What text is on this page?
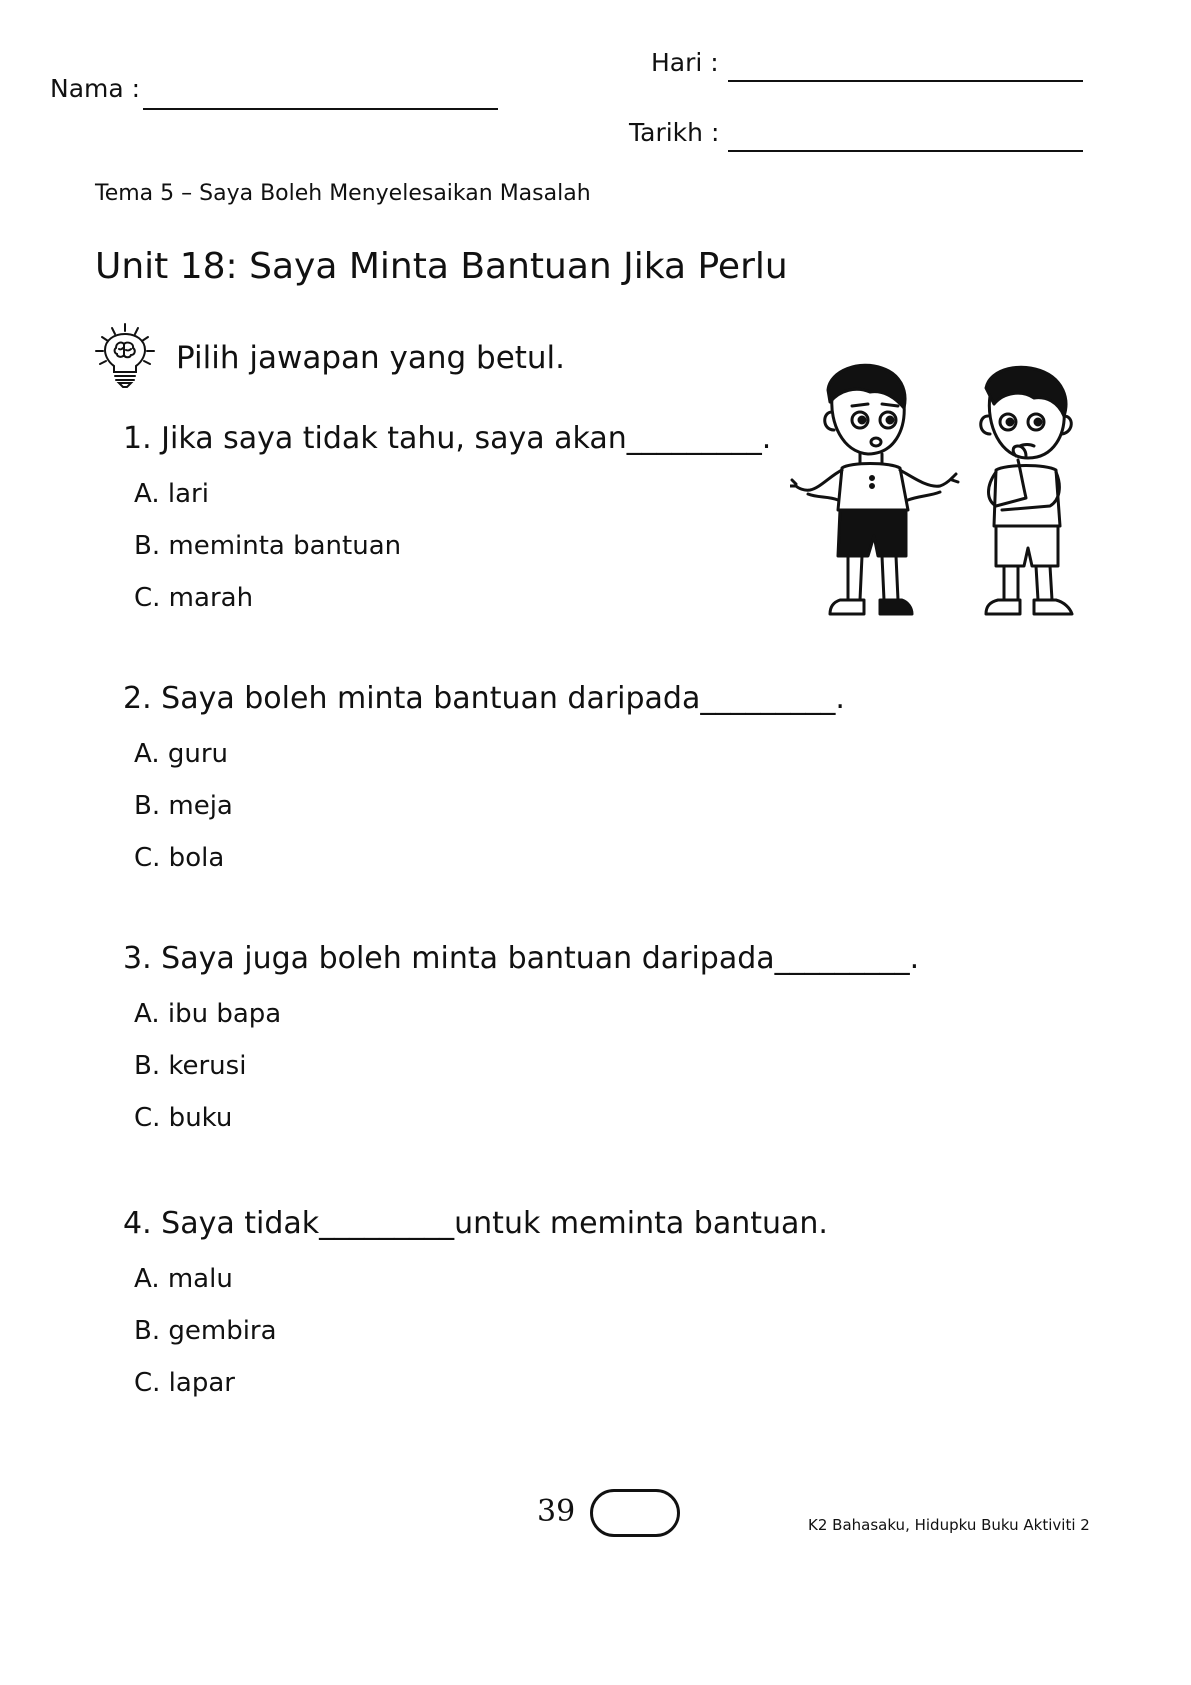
Nama :
Hari :
Tarikh :
Tema 5 – Saya Boleh Menyelesaikan Masalah
Unit 18: Saya Minta Bantuan Jika Perlu
Pilih jawapan yang betul.
1. Jika saya tidak tahu, saya akan_________.
A. lari
B. meminta bantuan
C. marah
2. Saya boleh minta bantuan daripada_________.
A. guru
B. meja
C. bola
3. Saya juga boleh minta bantuan daripada_________.
A. ibu bapa
B. kerusi
C. buku
4. Saya tidak_________untuk meminta bantuan.
A. malu
B. gembira
C. lapar
39	K2 Bahasaku, Hidupku Buku Aktiviti 2
